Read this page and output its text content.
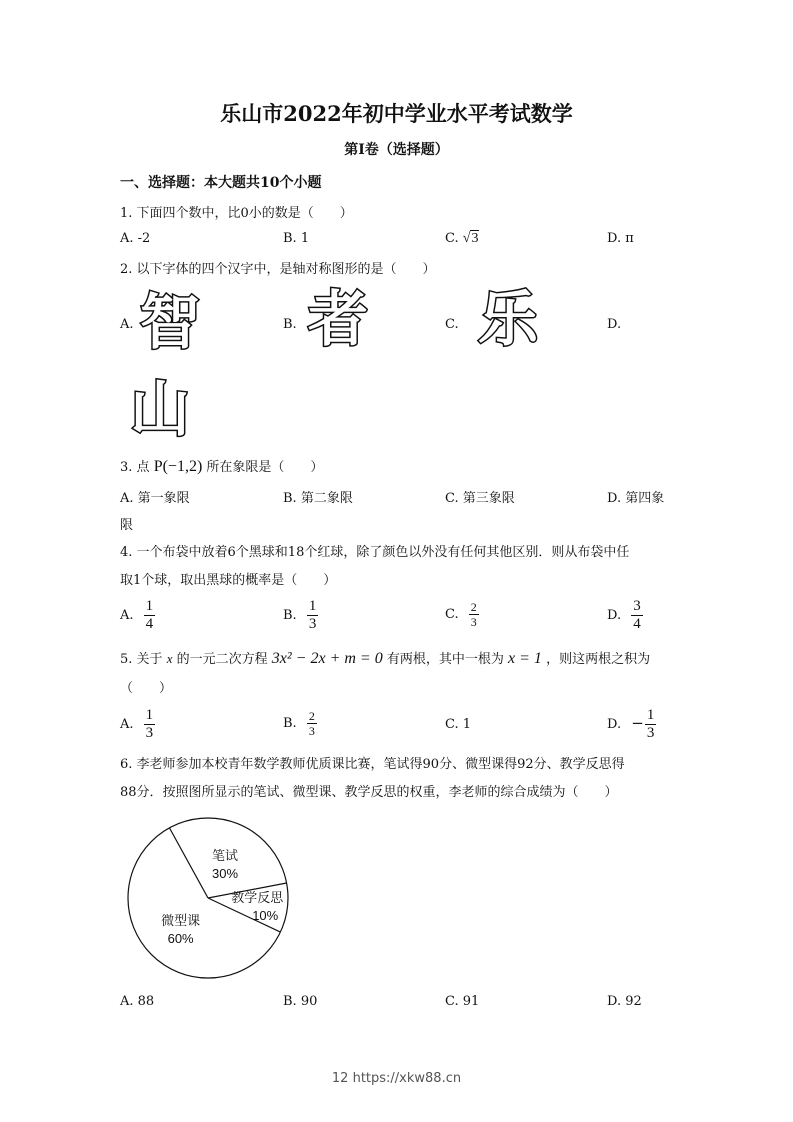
乐山市2022年初中学业水平考试数学
第Ⅰ卷（选择题）
一、选择题：本大题共10个小题
1. 下面四个数中，比0小的数是（　　）
A. -2	B. 1	C. √3	D. π
2. 以下字体的四个汉字中，是轴对称图形的是（　　）
A. 智	B. 者	C. 乐	D.
山
3. 点 P(−1,2) 所在象限是（　　）
A. 第一象限	B. 第二象限	C. 第三象限	D. 第四象
限
4. 一个布袋中放着6个黑球和18个红球，除了颜色以外没有任何其他区别．则从布袋中任
取1个球，取出黑球的概率是（　　）
A. $\frac{1}{4}$	B. $\frac{1}{3}$	C. $\frac{2}{3}$	D. $\frac{3}{4}$
5. 关于 x 的一元二次方程 3x² − 2x + m = 0 有两根，其中一根为 x = 1 ，则这两根之积为
（　　）
A. $\frac{1}{3}$	B. $\frac{2}{3}$	C. 1	D. − $\frac{1}{3}$
6. 李老师参加本校青年数学教师优质课比赛，笔试得90分、微型课得92分、教学反思得
88分．按照图所显示的笔试、微型课、教学反思的权重，李老师的综合成绩为（　　）
笔试
30%
教学反思
10%
微型课
60%
A. 88	B. 90	C. 91	D. 92
12 https://xkw88.cn
